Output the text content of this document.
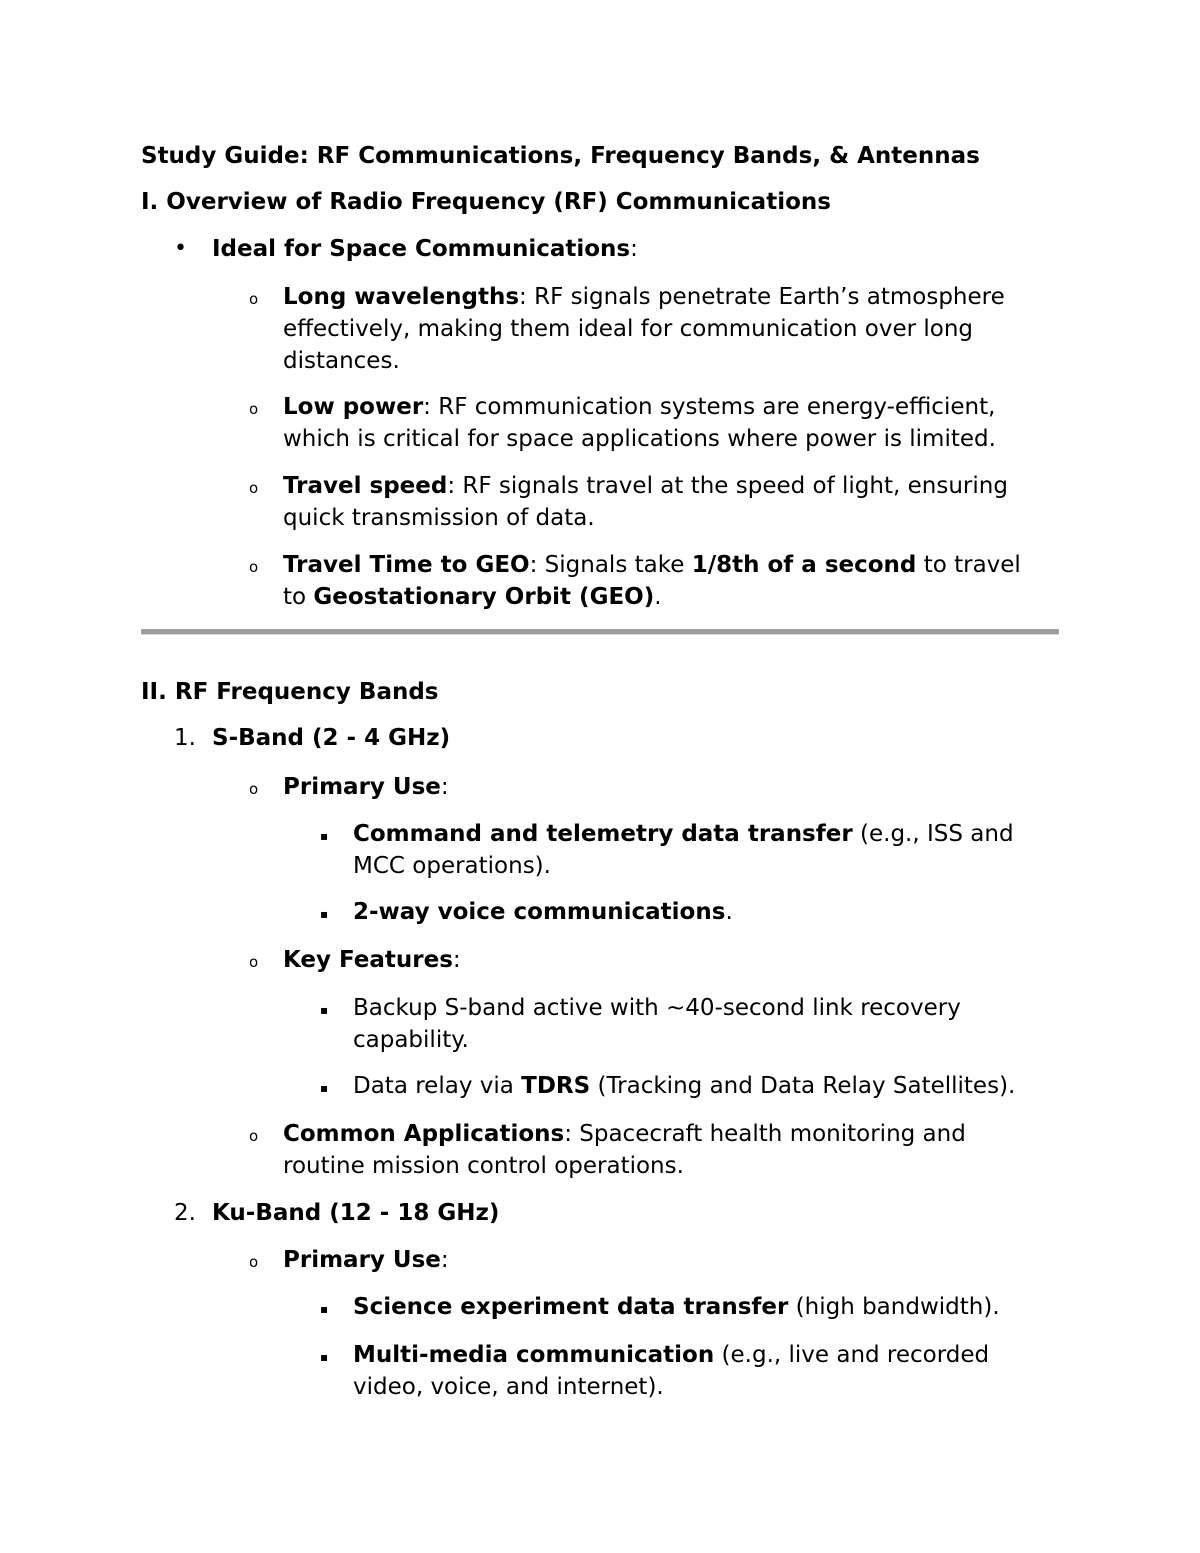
Study Guide: RF Communications, Frequency Bands, & Antennas
I. Overview of Radio Frequency (RF) Communications
• Ideal for Space Communications:
o Long wavelengths: RF signals penetrate Earth’s atmosphere
effectively, making them ideal for communication over long
distances.
o Low power: RF communication systems are energy-efficient,
which is critical for space applications where power is limited.
o Travel speed: RF signals travel at the speed of light, ensuring
quick transmission of data.
o Travel Time to GEO: Signals take 1/8th of a second to travel
to Geostationary Orbit (GEO).
II. RF Frequency Bands
1. S-Band (2 - 4 GHz)
o Primary Use:
▪ Command and telemetry data transfer (e.g., ISS and
MCC operations).
▪ 2-way voice communications.
o Key Features:
▪ Backup S-band active with ~40-second link recovery
capability.
▪ Data relay via TDRS (Tracking and Data Relay Satellites).
o Common Applications: Spacecraft health monitoring and
routine mission control operations.
2. Ku-Band (12 - 18 GHz)
o Primary Use:
▪ Science experiment data transfer (high bandwidth).
▪ Multi-media communication (e.g., live and recorded
video, voice, and internet).
